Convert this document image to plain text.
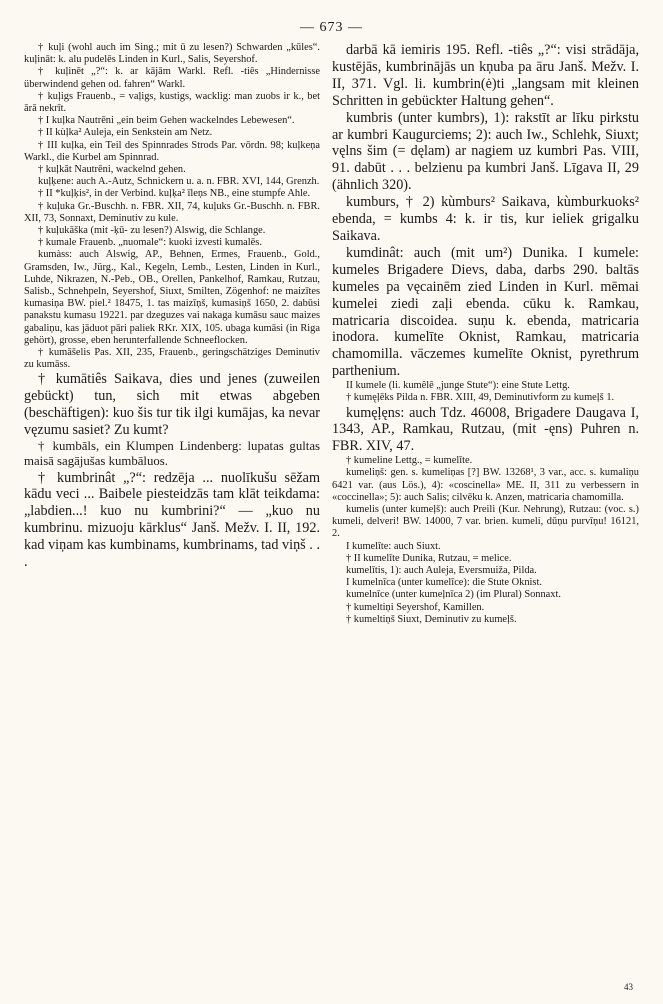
— 673 —

† kuļi (wohl auch im Sing.; mit ū zu lesen?) Schwarden „kūles“. kuļināt: k. alu pudelēs Linden in Kurl., Salis, Seyershof.

† kuļinēt „?“: k. ar kājām Warkl. Refl. -tiês „Hindernisse überwindend gehen od. fahren“ Warkl.

† kuļigs Frauenb., = vaļigs, kustigs, wacklig: man zuobs ir k., bet ārā nekrīt.

† I kuļka Nautrēni „ein beim Gehen wackelndes Lebewesen“.

† II kùļka² Auleja, ein Senkstein am Netz.

† III kuļka, ein Teil des Spinnrades Strods Par. vōrdn. 98; kuļkeņa Warkl., die Kurbel am Spinnrad.

† kuļkât Nautrēni, wackelnd gehen.

kuļķene: auch A.-Autz, Schnickern u. a. n. FBR. XVI, 144, Grenzh.

† II *kuļķis², in der Verbind. kuļķa² īleņs NB., eine stumpfe Ahle.

† kuļuka Gr.-Buschh. n. FBR. XII, 74, kuļuks Gr.-Buschh. n. FBR. XII, 73, Sonnaxt, Deminutiv zu kule.

† kuļukāška (mit -ķū- zu lesen?) Alswig, die Schlange.

† kumale Frauenb. „nuomale“: kuoki izvesti kumalēs.

kumàss: auch Alswig, AP., Behnen, Ermes, Frauenb., Gold., Gramsden, Iw., Jürg., Kal., Kegeln, Lemb., Lesten, Linden in Kurl., Luhde, Nikrazen, N.-Peb., OB., Orellen, Pankelhof, Ramkau, Rutzau, Salisb., Schnehpeln, Seyershof, Siuxt, Smilten, Zögenhof: ne maizītes kumasiņa BW. piel.² 18475, 1. tas maizīņš, kumasiņš 1650, 2. dabūsi panakstu kumasu 19221. par dzeguzes vai nakaga kumāsu sauc maizes gabaliņu, kas jāduot pāri paliek RKr. XIX, 105. ubaga kumāsi (in Riga gehört), grosse, eben herunterfallende Schneeflocken.

† kumāšelis Pas. XII, 235, Frauenb., geringschätziges Deminutiv zu kumāss.

† kumātiês Saikava, dies und jenes (zuweilen gebückt) tun, sich mit etwas abgeben (beschäftigen): kuo šis tur tik ilgi kumājas, ka nevar vęzumu sasiet? Zu kumt?

† kumbāls, ein Klumpen Lindenberg: lupatas gultas maisā sagājušas kumbāluos.

† kumbrinât „?“: redzēja ... nuolīkušu sēžam kādu veci ... Baibele piesteidzās tam klāt teikdama: „labdien...! kuo nu kumbrini?“ — „kuo nu kumbrinu. mizuoju kārklus“ Janš. Mežv. I. II, 192. kad viņam kas kumbinams, kumbrinams, tad viņš . . .

darbā kā iemiris 195. Refl. -tiês „?“: visi strādāja, kustējās, kumbrinājās un kņuba pa āru Janš. Mežv. I. II, 371. Vgl. li. kumbrin(ė)ti „langsam mit kleinen Schritten in gebückter Haltung gehen“.

kumbris (unter kumbrs), 1): rakstīt ar līku pirkstu ar kumbri Kaugurciems; 2): auch Iw., Schlehk, Siuxt; vęlns šim (= dęlam) ar nagiem uz kumbri Pas. VIII, 91. dabūt . . . belzienu pa kumbri Janš. Līgava II, 29 (ähnlich 320).

kumburs, † 2) kùmburs² Saikava, kùmburkuoks² ebenda, = kumbs 4: k. ir tis, kur ieliek grigalku Saikava.

kumdinât: auch (mit um²) Dunika. I kumele: kumeles Brigadere Dievs, daba, darbs 290. baltās kumeles pa vęcainēm zied Linden in Kurl. mēmai kumelei ziedi zaļi ebenda. cūku k. Ramkau, matricaria discoidea. suņu k. ebenda, matricaria inodora. kumelīte Oknist, Ramkau, matricaria chamomilla. vāczemes kumelīte Oknist, pyrethrum parthenium.

II kumele (li. kumêlê „junge Stute“): eine Stute Lettg.

† kumęļēks Pilda n. FBR. XIII, 49, Deminutivform zu kumeļš 1.

kumęļęns: auch Tdz. 46008, Brigadere Daugava I, 1343, AP., Ramkau, Rutzau, (mit -ęns) Puhren n. FBR. XIV, 47.

† kumeline Lettg., = kumelīte.

kumeliņš: gen. s. kumeliņas [?] BW. 13268¹, 3 var., acc. s. kumaliņu 6421 var. (aus Lös.), 4): «coscinella» ME. II, 311 zu verbessern in «coccinella»; 5): auch Salis; cilvēku k. Anzen, matricaria chamomilla.

kumelis (unter kumeļš): auch Preili (Kur. Nehrung), Rutzau: (voc. s.) kumeli, delveri! BW. 14000, 7 var. brien. kumeli, dūņu purvīņu! 16121, 2.

I kumelīte: auch Siuxt.

† II kumelīte Dunika, Rutzau, = melice.

kumelītis, 1): auch Auleja, Eversmuiža, Pilda.

I kumelnīca (unter kumelīce): die Stute Oknist.

kumelnīce (unter kumeļnīca 2) (im Plural) Sonnaxt.

† kumeltiņi Seyershof, Kamillen.

† kumeltiņš Siuxt, Deminutiv zu kumeļš.

43
